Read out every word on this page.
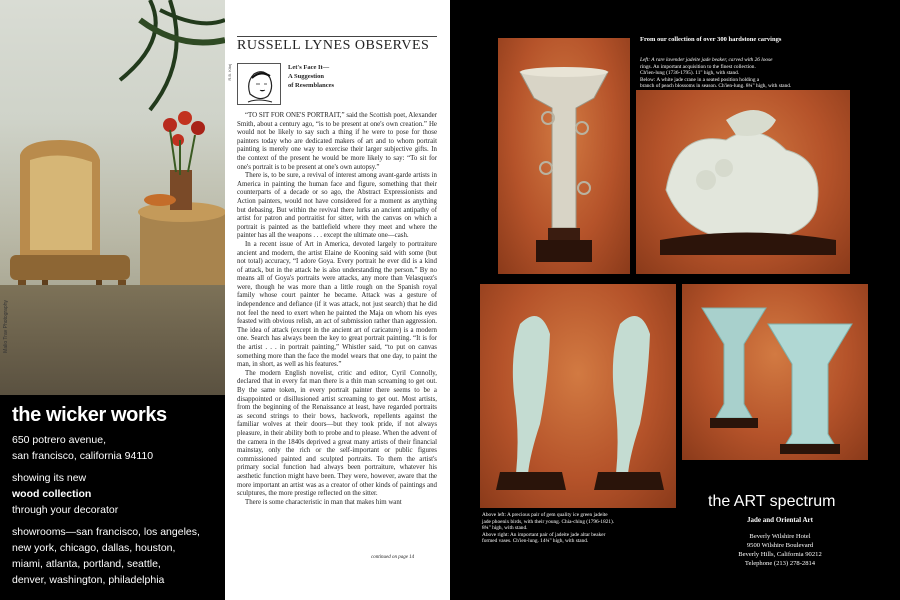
Malio Trav Photography
the wicker works
650 potrero avenue,
san francisco, california 94110
showing its new
wood collection
through your decorator
showrooms—san francisco, los angeles,
new york, chicago, dallas, houston,
miami, atlanta, portland, seattle,
denver, washington, philadelphia
RUSSELL LYNES OBSERVES
R.B. Kitaj	Let's Face It—
A Suggestion
of Resemblances

“TO SIT FOR ONE'S PORTRAIT,” said the Scottish poet, Alexander Smith, about a century ago, “is to be present at one's own creation.” He would not be likely to say such a thing if he were to pose for those painters today who are dedicated makers of art and to whom portrait painting is merely one way to exercise their larger subjective gifts. In the context of the present he would be more likely to say: “To sit for one's portrait is to be present at one's own autopsy.”

There is, to be sure, a revival of interest among avant-garde artists in America in painting the human face and figure, something that their counterparts of a decade or so ago, the Abstract Expressionists and Action painters, would not have considered for a moment as anything but debasing. But within the revival there lurks an ancient antipathy of artist for patron and portraitist for sitter, with the canvas on which a portrait is painted as the battlefield where they meet and where the painter has all the weapons . . . except the ultimate one—cash.

In a recent issue of Art in America, devoted largely to portraiture ancient and modern, the artist Elaine de Kooning said with some (but not total) accuracy, “I adore Goya. Every portrait he ever did is a kind of attack, but in the attack he is also understanding the person.” By no means all of Goya's portraits were attacks, any more than Velasquez's were, though he was more than a little rough on the Spanish royal family whose court painter he became. Attack was a gesture of independence and defiance (if it was attack, not just search) that he did not feel the need to exert when he painted the Maja on whom his eyes feasted with obvious relish, an act of submission rather than aggression. The idea of attack (except in the ancient art of caricature) is a modern one. Search has always been the key to great portrait painting. “It is for the artist . . . in portrait painting,” Whistler said, “to put on canvas something more than the face the model wears that one day, to paint the man, in short, as well as his features.”

The modern English novelist, critic and editor, Cyril Connolly, declared that in every fat man there is a thin man screaming to get out. By the same token, in every portrait painter there seems to be a disappointed or disillusioned artist screaming to get out. Most artists, from the beginning of the Renaissance at least, have regarded portraits as second strings to their bows, hackwork, repellents against the familiar wolves at their doors—but they took pride, if not always pleasure, in their ability both to probe and to please. When the advent of the camera in the 1840s deprived a great many artists of their financial mainstay, only the rich or the self-important or public figures commissioned painted and sculpted portraits. To them the artist's primary social function had always been portraiture, whatever his aesthetic function might have been. They were, however, aware that the more important an artist was as a creator of other kinds of paintings and sculptures, the more prestige reflected on the sitter.

There is some characteristic in man that makes him want

continued on page 14
From our collection of over 300 hardstone carvings
Left: A rare lavender jadeite jade beaker, carved with 26 loose
rings. An important acquisition to the finest collection.
Ch'ien-lung (1736-1795). 11" high, with stand.
Below: A white jade crane in a seated position holding a
branch of peach blossoms in season. Ch'ien-lung. 8¾" high, with stand.
Above left: A precious pair of gem quality ice green jadeite
jade phoenix birds, with their young. Chia-ching (1796-1821).
8¾" high, with stand.
Above right: An important pair of jadeite jade altar beaker
formed vases. Ch'ien-lung. 14¾" high, with stand.
the ART spectrum
Jade and Oriental Art
Beverly Wilshire Hotel
9500 Wilshire Boulevard
Beverly Hills, California 90212
Telephone (213) 278-2814
